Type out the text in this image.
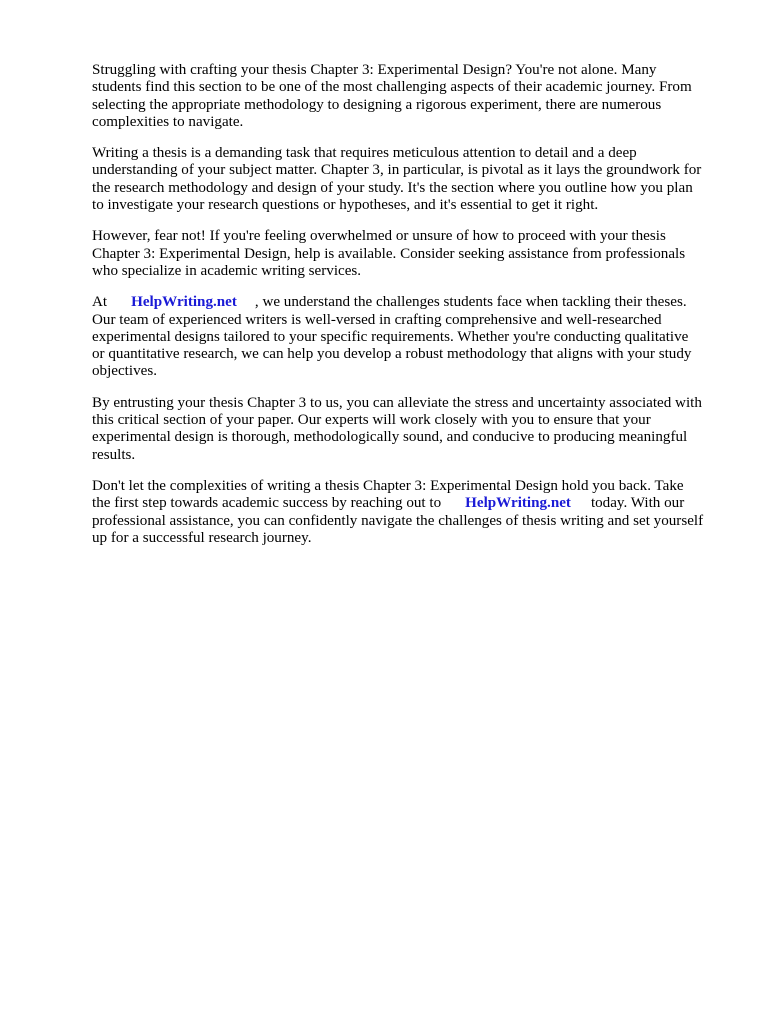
Struggling with crafting your thesis Chapter 3: Experimental Design? You're not alone. Many
students find this section to be one of the most challenging aspects of their academic journey. From
selecting the appropriate methodology to designing a rigorous experiment, there are numerous
complexities to navigate.

Writing a thesis is a demanding task that requires meticulous attention to detail and a deep
understanding of your subject matter. Chapter 3, in particular, is pivotal as it lays the groundwork for
the research methodology and design of your study. It's the section where you outline how you plan
to investigate your research questions or hypotheses, and it's essential to get it right.

However, fear not! If you're feeling overwhelmed or unsure of how to proceed with your thesis
Chapter 3: Experimental Design, help is available. Consider seeking assistance from professionals
who specialize in academic writing services.

At HelpWriting.net , we understand the challenges students face when tackling their theses.
Our team of experienced writers is well-versed in crafting comprehensive and well-researched
experimental designs tailored to your specific requirements. Whether you're conducting qualitative
or quantitative research, we can help you develop a robust methodology that aligns with your study
objectives.

By entrusting your thesis Chapter 3 to us, you can alleviate the stress and uncertainty associated with
this critical section of your paper. Our experts will work closely with you to ensure that your
experimental design is thorough, methodologically sound, and conducive to producing meaningful
results.

Don't let the complexities of writing a thesis Chapter 3: Experimental Design hold you back. Take
the first step towards academic success by reaching out to HelpWriting.net today. With our
professional assistance, you can confidently navigate the challenges of thesis writing and set yourself
up for a successful research journey.
